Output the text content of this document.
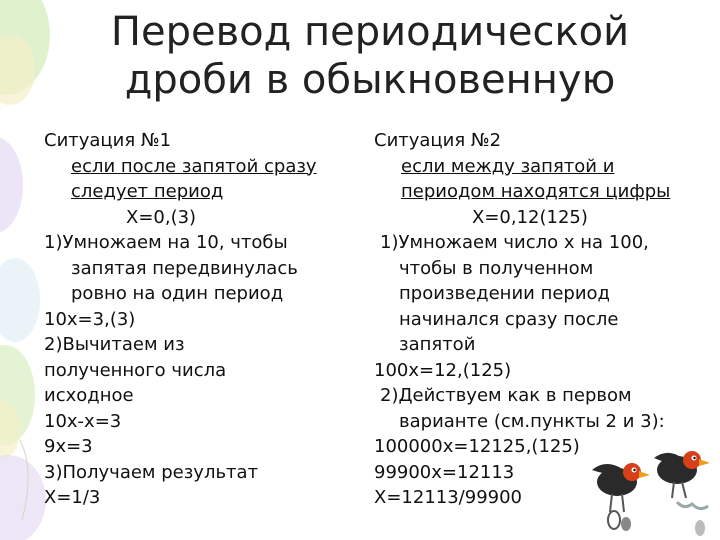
Перевод периодической
дроби в обыкновенную
Ситуация №1
если после запятой сразу
следует период
X=0,(3)
1)Умножаем на 10, чтобы
запятая передвинулась
ровно на один период
10x=3,(3)
2)Вычитаем из
полученного числа
исходное
10x-x=3
9x=3
3)Получаем результат
X=1/3
Ситуация №2
если между запятой и
периодом находятся цифры
X=0,12(125)
1)Умножаем число x на 100,
чтобы в полученном
произведении период
начинался сразу после
запятой
100x=12,(125)
2)Действуем как в первом
варианте (см.пункты 2 и 3):
100000x=12125,(125)
99900x=12113
X=12113/99900
